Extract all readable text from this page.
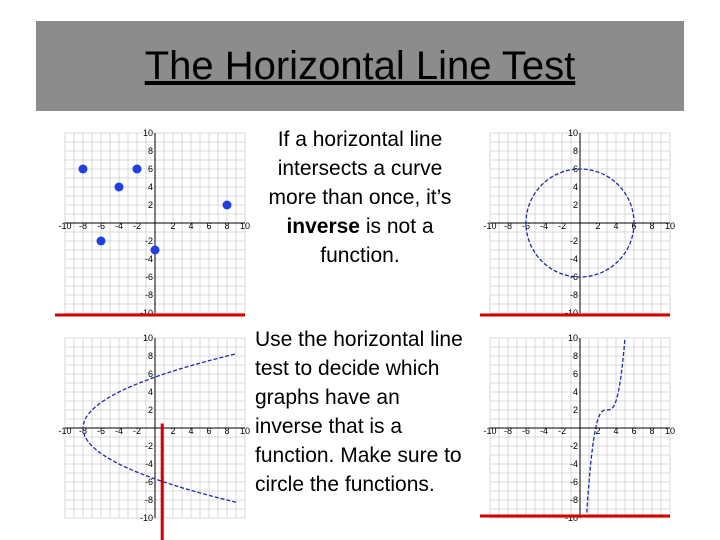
The Horizontal Line Test
-10 -8 -6 -4 -2	2 4 6 8 10
10
8
6
4
2
-2
-4
-6
-8
-10
-10 -8 -6 -4 -2	2 4 6 8 10
10
8
6
4
2
-2
-4
-6
-8
-10
-10 -8 -6 -4 -2	2 4 6 8 10
10
8
6
4
2
-2
-4
-6
-8
-10
-10 -8 -6 -4 -2	2 4 6 8 10
10
8
6
4
2
-2
-4
-6
-8
-10
If a horizontal line intersects a curve more than once, it’s inverse is not a function.
Use the horizontal line test to decide which graphs have an inverse that is a function. Make sure to circle the functions.
